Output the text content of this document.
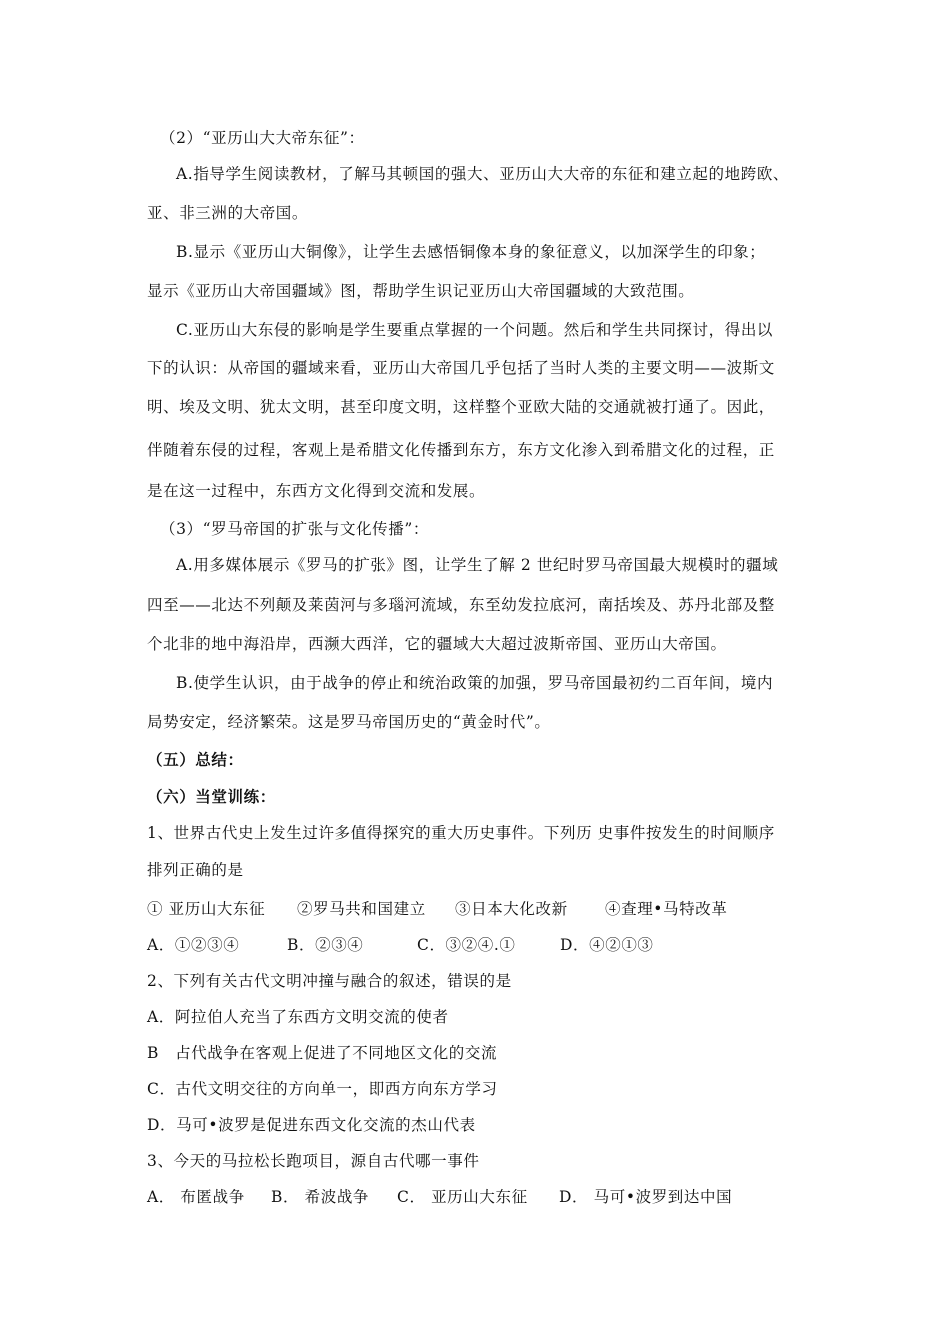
（2）“亚历山大大帝东征”：
A.指导学生阅读教材，了解马其顿国的强大、亚历山大大帝的东征和建立起的地跨欧、
亚、非三洲的大帝国。
B.显示《亚历山大铜像》，让学生去感悟铜像本身的象征意义，以加深学生的印象；
显示《亚历山大帝国疆域》图，帮助学生识记亚历山大帝国疆域的大致范围。
C.亚历山大东侵的影响是学生要重点掌握的一个问题。然后和学生共同探讨，得出以
下的认识：从帝国的疆域来看，亚历山大帝国几乎包括了当时人类的主要文明——波斯文
明、埃及文明、犹太文明，甚至印度文明，这样整个亚欧大陆的交通就被打通了。因此，
伴随着东侵的过程，客观上是希腊文化传播到东方，东方文化渗入到希腊文化的过程，正
是在这一过程中，东西方文化得到交流和发展。
（3）“罗马帝国的扩张与文化传播”：
A.用多媒体展示《罗马的扩张》图，让学生了解 2 世纪时罗马帝国最大规模时的疆域
四至——北达不列颠及莱茵河与多瑙河流域，东至幼发拉底河，南括埃及、苏丹北部及整
个北非的地中海沿岸，西濒大西洋，它的疆域大大超过波斯帝国、亚历山大帝国。
B.使学生认识，由于战争的停止和统治政策的加强，罗马帝国最初约二百年间，境内
局势安定，经济繁荣。这是罗马帝国历史的“黄金时代”。
（五）总结：
（六）当堂训练：
1、世界古代史上发生过许多值得探究的重大历史事件。下列历 史事件按发生的时间顺序
排列正确的是
① 亚历山大东征 ②罗马共和国建立 ③日本大化改新 ④查理•马特改革
A．①②③④	B．②③④	C．③②④.①	D．④②①③
2、下列有关古代文明冲撞与融合的叙述，错误的是
A．阿拉伯人充当了东西方文明交流的使者
B　占代战争在客观上促进了不同地区文化的交流
C．古代文明交往的方向单一，即西方向东方学习
D．马可•波罗是促进东西文化交流的杰山代表
3、今天的马拉松长跑项目，源自古代哪一事件
A． 布匿战争 B． 希波战争 C． 亚历山大东征 D． 马可•波罗到达中国
